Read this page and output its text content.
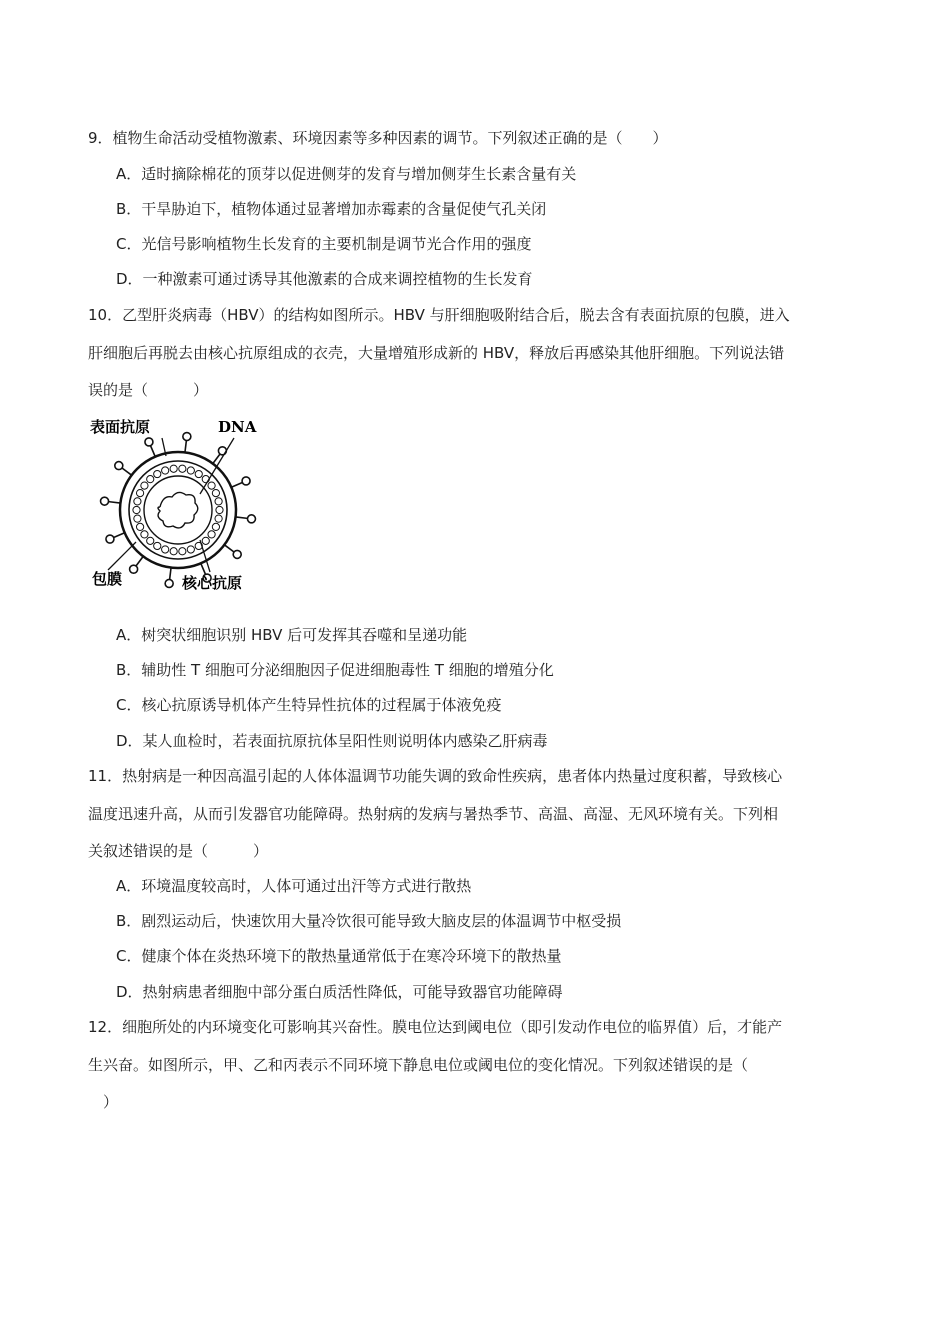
9．植物生命活动受植物激素、环境因素等多种因素的调节。下列叙述正确的是（　　）
A．适时摘除棉花的顶芽以促进侧芽的发育与增加侧芽生长素含量有关
B．干旱胁迫下，植物体通过显著增加赤霉素的含量促使气孔关闭
C．光信号影响植物生长发育的主要机制是调节光合作用的强度
D．一种激素可通过诱导其他激素的合成来调控植物的生长发育
10．乙型肝炎病毒（HBV）的结构如图所示。HBV 与肝细胞吸附结合后，脱去含有表面抗原的包膜，进入
肝细胞后再脱去由核心抗原组成的衣壳，大量增殖形成新的 HBV，释放后再感染其他肝细胞。下列说法错
误的是（　　　）
表面抗原	DNA
包膜	核心抗原
A．树突状细胞识别 HBV 后可发挥其吞噬和呈递功能
B．辅助性 T 细胞可分泌细胞因子促进细胞毒性 T 细胞的增殖分化
C．核心抗原诱导机体产生特异性抗体的过程属于体液免疫
D．某人血检时，若表面抗原抗体呈阳性则说明体内感染乙肝病毒
11．热射病是一种因高温引起的人体体温调节功能失调的致命性疾病，患者体内热量过度积蓄，导致核心
温度迅速升高，从而引发器官功能障碍。热射病的发病与暑热季节、高温、高湿、无风环境有关。下列相
关叙述错误的是（　　　）
A．环境温度较高时，人体可通过出汗等方式进行散热
B．剧烈运动后，快速饮用大量冷饮很可能导致大脑皮层的体温调节中枢受损
C．健康个体在炎热环境下的散热量通常低于在寒冷环境下的散热量
D．热射病患者细胞中部分蛋白质活性降低，可能导致器官功能障碍
12．细胞所处的内环境变化可影响其兴奋性。膜电位达到阈电位（即引发动作电位的临界值）后，才能产
生兴奋。如图所示，甲、乙和丙表示不同环境下静息电位或阈电位的变化情况。下列叙述错误的是（
　）
